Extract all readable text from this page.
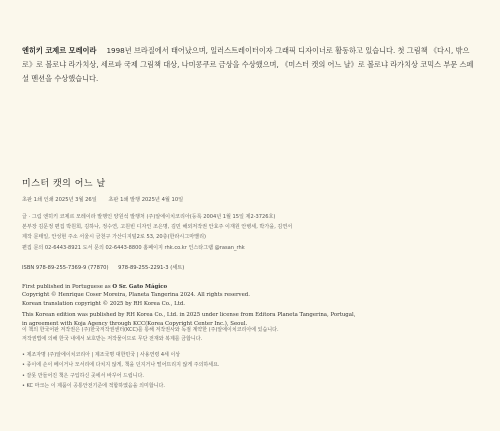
엔히키 코제르 모레이라 1998년 브라질에서 태어났으며, 일러스트레이터이자 그래픽 디자이너로 활동하고 있습니다. 첫 그림책 《다시, 밖으로》로 볼로냐 라가치상, 세르파 국제 그림책 대상, 나미콩쿠르 금상을 수상했으며, 《미스터 캣의 어느 날》로 볼로냐 라가치상 코믹스 부문 스페셜 멘션을 수상했습니다.
미스터 캣의 어느 날
초판 1쇄 인쇄 2025년 3월 26일 초판 1쇄 발행 2025년 4월 10일
글 · 그림 엔히키 코제르 모레이라 발행인 양원석 발행처 (주)알에이치코리아(등록 2004년 1월 15일 제2-3726호)
본부장 김문정 편집 박원희, 김하나, 정수연, 고원빈 디자인 조은명, 김민 해외저작권 안효주 이재원 안병세, 박가을, 김연서
제작 문태일, 안성현 주소 서울시 금천구 가산디지털2로 53, 20층(한라시그마밸리)
편집 문의 02-6443-8921 도서 문의 02-6443-8800 홈페이지 rhk.co.kr 인스타그램 @rasan_rhk
ISBN 978-89-255-7369-9 (77870) 978-89-255-2291-3 (세트)
First published in Portuguese as O Sr. Gato Mágico
Copyright © Henrique Coser Moreira, Planeta Tangerina 2024. All rights reserved.
Korean translation copyright © 2025 by RH Korea Co., Ltd.
This Korean edition was published by RH Korea Co., Ltd. in 2025 under license from Editora Planeta Tangerina, Portugal,
in agreement with Koja Agency through KCC(Korea Copyright Center Inc.), Seoul.
이 책의 한국어판 저작권은 (주)한국저작권센터(KCC)를 통해 저작권사와 독점 계약한 (주)알에이치코리아에 있습니다.
저작권법에 의해 한국 내에서 보호받는 저작물이므로 무단 전재와 복제를 금합니다.
• 제조자명 (주)알에이치코리아 | 제조국명 대한민국 | 사용연령 4세 이상
• 종이에 손이 베이거나 모서리에 다치지 않게, 책을 던지거나 떨어뜨리지 않게 주의하세요.
• 잘못 만들어진 책은 구입하신 곳에서 바꾸어 드립니다.
• KC 마크는 이 제품이 공통안전기준에 적합하였음을 의미합니다.
